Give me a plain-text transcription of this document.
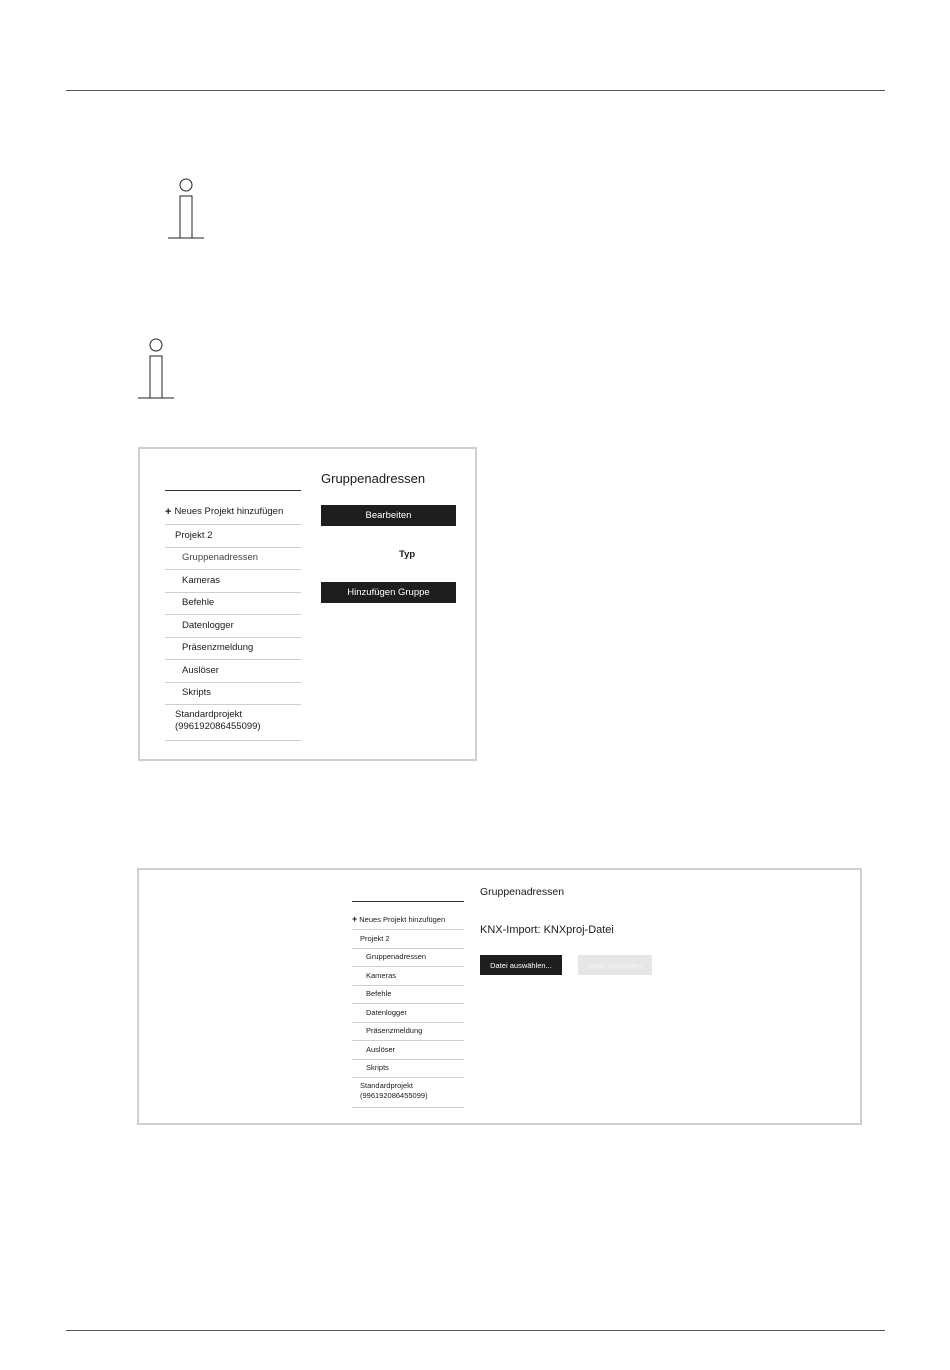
+ Neues Projekt hinzufügen
Projekt 2
Gruppenadressen
Kameras
Befehle
Datenlogger
Präsenzmeldung
Auslöser
Skripts
Standardprojekt
(996192086455099)
Gruppenadressen
Bearbeiten
Typ
Hinzufügen Gruppe
+ Neues Projekt hinzufügen
Projekt 2
Gruppenadressen
Kameras
Befehle
Datenlogger
Präsenzmeldung
Auslöser
Skripts
Standardprojekt
(996192086455099)
Gruppenadressen
KNX-Import: KNXproj-Datei
Datei auswählen...	Datei hochladen
